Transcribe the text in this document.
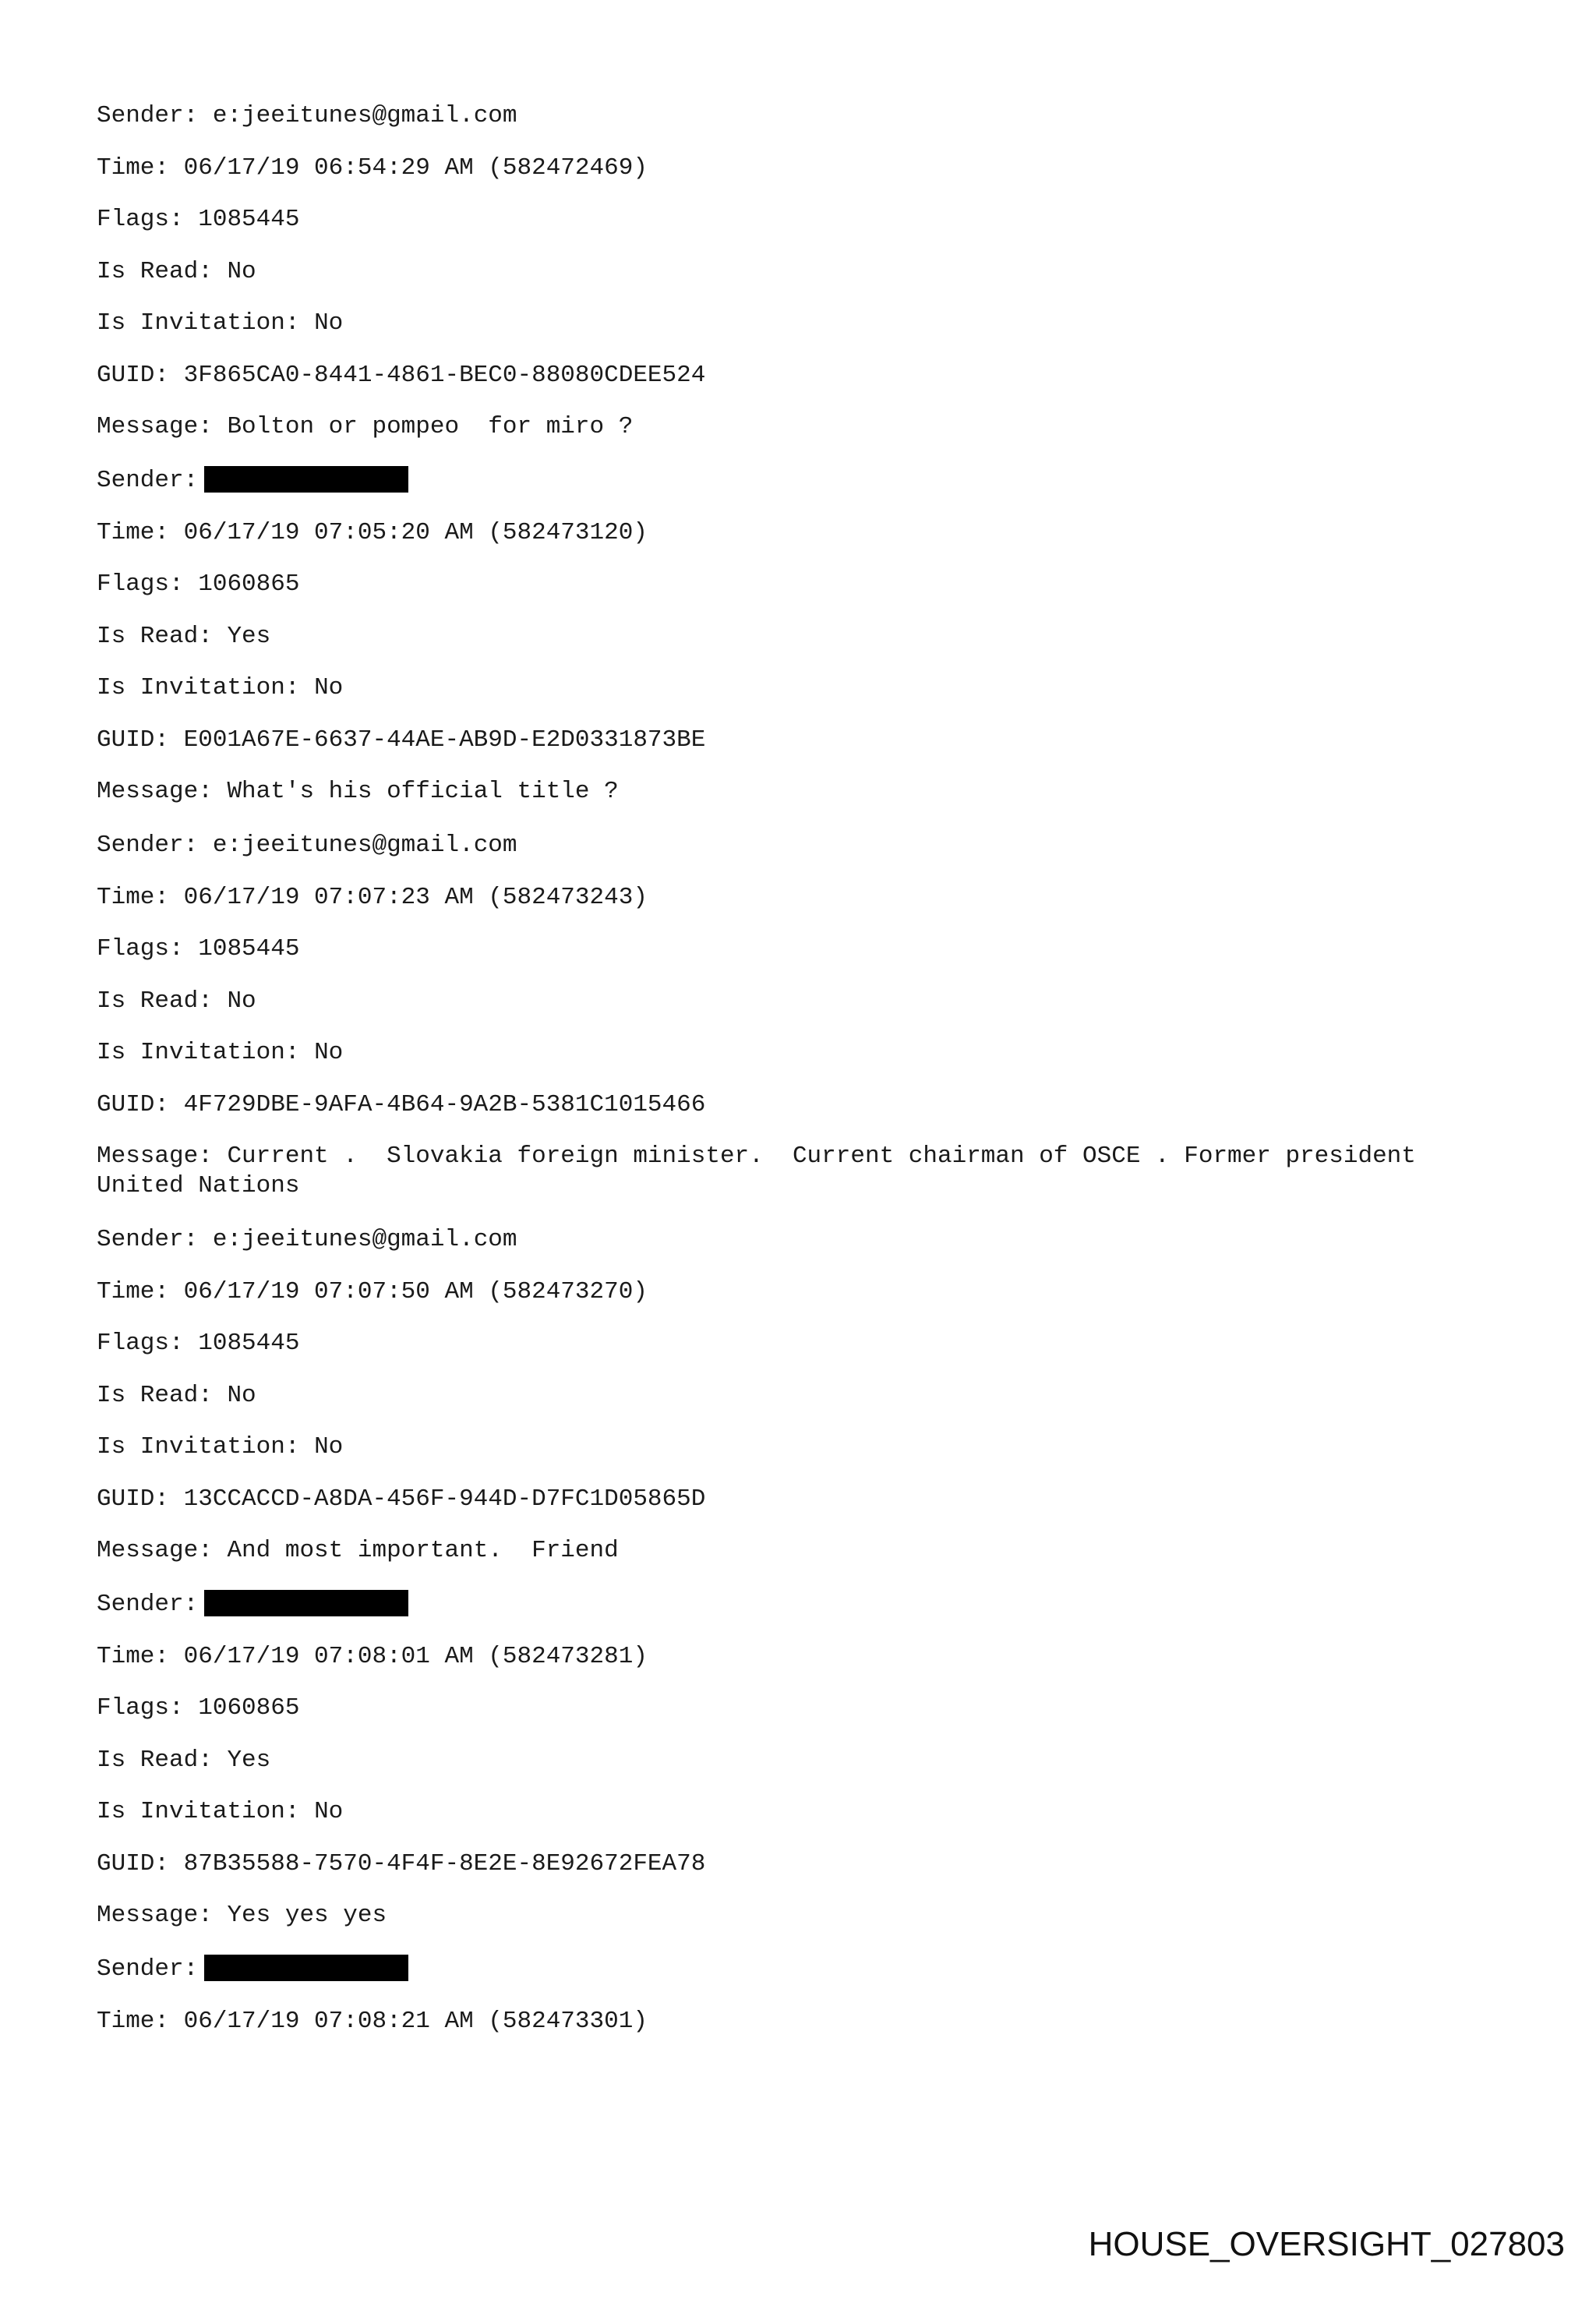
Sender: e:jeeitunes@gmail.com
Time: 06/17/19 06:54:29 AM (582472469)
Flags: 1085445
Is Read: No
Is Invitation: No
GUID: 3F865CA0-8441-4861-BEC0-88080CDEE524
Message: Bolton or pompeo  for miro ?
Sender:
Time: 06/17/19 07:05:20 AM (582473120)
Flags: 1060865
Is Read: Yes
Is Invitation: No
GUID: E001A67E-6637-44AE-AB9D-E2D0331873BE
Message: What's his official title ?
Sender: e:jeeitunes@gmail.com
Time: 06/17/19 07:07:23 AM (582473243)
Flags: 1085445
Is Read: No
Is Invitation: No
GUID: 4F729DBE-9AFA-4B64-9A2B-5381C1015466
Message: Current .  Slovakia foreign minister.  Current chairman of OSCE . Former president United Nations
Sender: e:jeeitunes@gmail.com
Time: 06/17/19 07:07:50 AM (582473270)
Flags: 1085445
Is Read: No
Is Invitation: No
GUID: 13CCACCD-A8DA-456F-944D-D7FC1D05865D
Message: And most important.  Friend
Sender:
Time: 06/17/19 07:08:01 AM (582473281)
Flags: 1060865
Is Read: Yes
Is Invitation: No
GUID: 87B35588-7570-4F4F-8E2E-8E92672FEA78
Message: Yes yes yes
Sender:
Time: 06/17/19 07:08:21 AM (582473301)
HOUSE_OVERSIGHT_027803
